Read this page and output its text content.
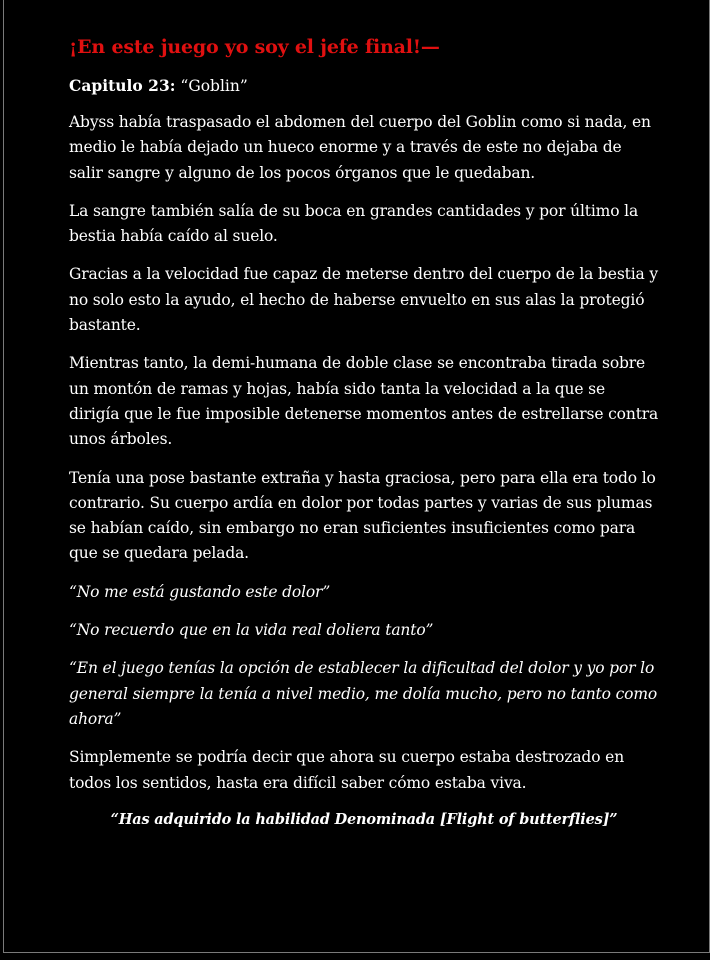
¡En este juego yo soy el jefe final!—

Capitulo 23: “Goblin”

Abyss había traspasado el abdomen del cuerpo del Goblin como si nada, en medio le había dejado un hueco enorme y a través de este no dejaba de salir sangre y alguno de los pocos órganos que le quedaban.

La sangre también salía de su boca en grandes cantidades y por último la bestia había caído al suelo.

Gracias a la velocidad fue capaz de meterse dentro del cuerpo de la bestia y no solo esto la ayudo, el hecho de haberse envuelto en sus alas la protegió bastante.

Mientras tanto, la demi-humana de doble clase se encontraba tirada sobre un montón de ramas y hojas, había sido tanta la velocidad a la que se dirigía que le fue imposible detenerse momentos antes de estrellarse contra unos árboles.

Tenía una pose bastante extraña y hasta graciosa, pero para ella era todo lo contrario. Su cuerpo ardía en dolor por todas partes y varias de sus plumas se habían caído, sin embargo no eran suficientes insuficientes como para que se quedara pelada.

“No me está gustando este dolor”

“No recuerdo que en la vida real doliera tanto”

“En el juego tenías la opción de establecer la dificultad del dolor y yo por lo general siempre la tenía a nivel medio, me dolía mucho, pero no tanto como ahora”

Simplemente se podría decir que ahora su cuerpo estaba destrozado en todos los sentidos, hasta era difícil saber cómo estaba viva.

“Has adquirido la habilidad Denominada [Flight of butterflies]”
